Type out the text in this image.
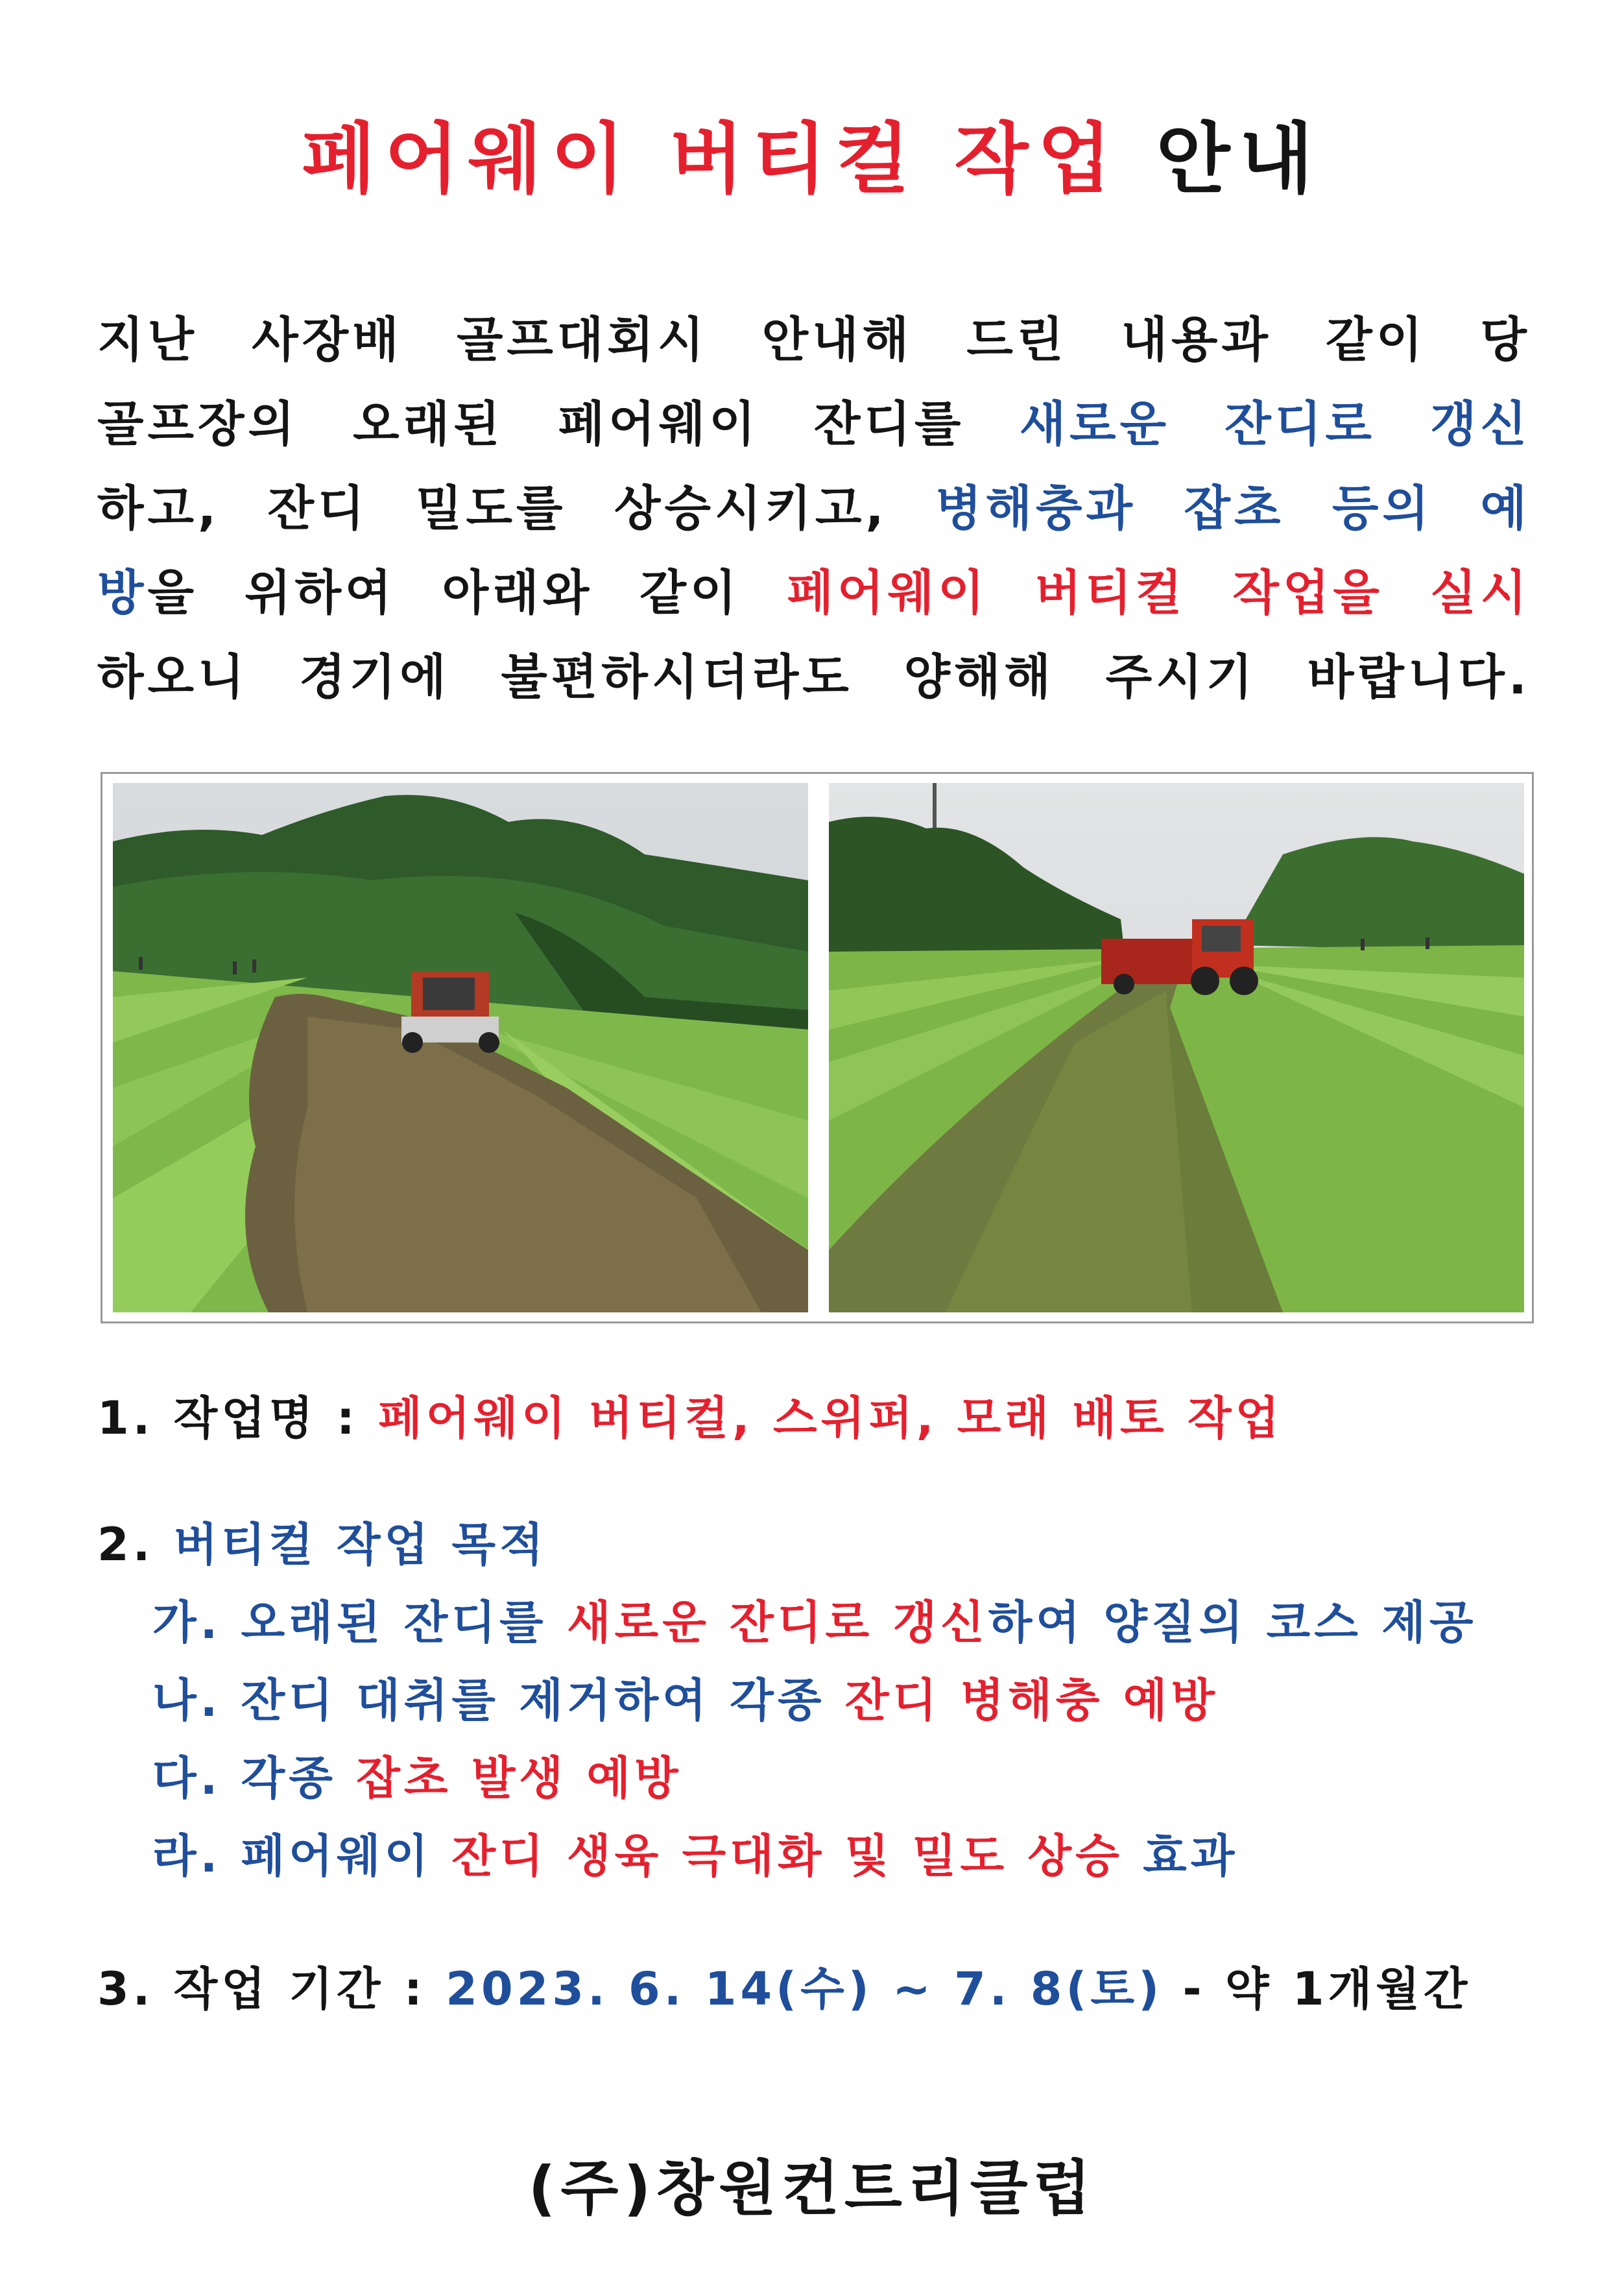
페어웨이 버티컬 작업 안내
지난 사장배 골프대회시 안내해 드린 내용과 같이 당
골프장의 오래된 페어웨이 잔디를 새로운 잔디로 갱신
하고, 잔디 밀도를 상승시키고, 병해충과 잡초 등의 예
방을 위하여 아래와 같이 페어웨이 버티컬 작업을 실시
하오니 경기에 불편하시더라도 양해해 주시기 바랍니다.
1. 작업명 : 페어웨이 버티컬, 스위퍼, 모래 배토 작업
2. 버티컬 작업 목적
가. 오래된 잔디를 새로운 잔디로 갱신하여 양질의 코스 제공
나. 잔디 대취를 제거하여 각종 잔디 병해충 예방
다. 각종 잡초 발생 예방
라. 페어웨이 잔디 생육 극대화 및 밀도 상승 효과
3. 작업 기간 : 2023. 6. 14(수) ~ 7. 8(토) - 약 1개월간
(주)창원컨트리클럽
